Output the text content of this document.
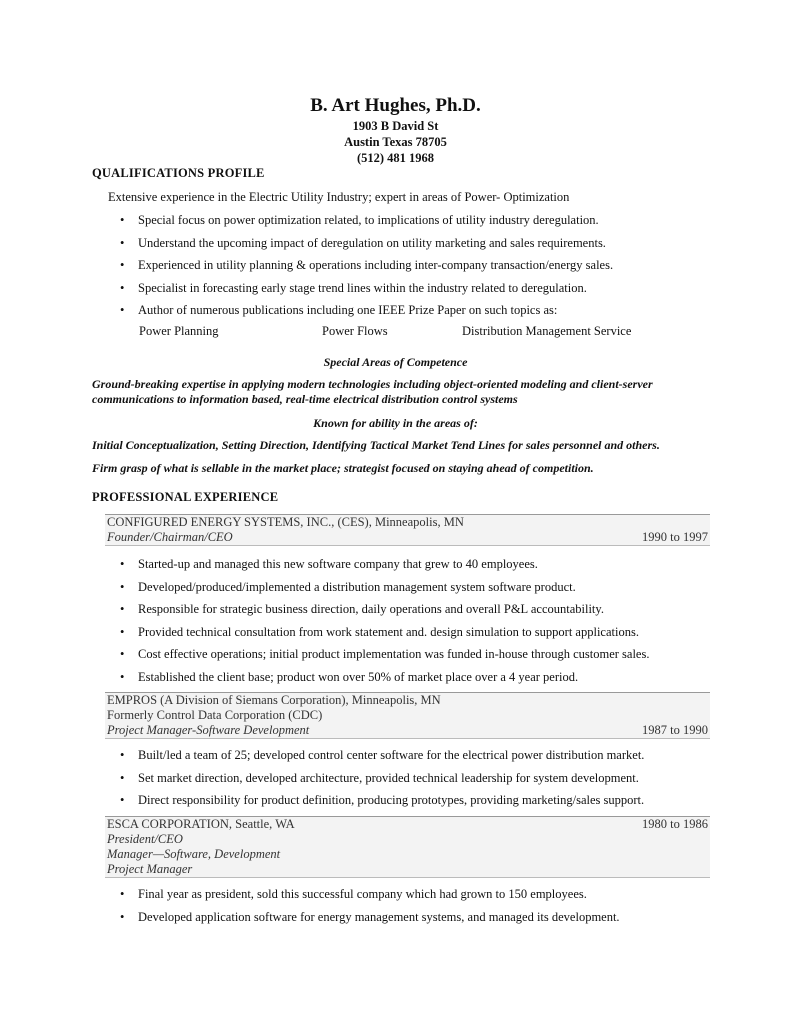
B. Art Hughes, Ph.D.
1903 B David St
Austin Texas 78705
(512) 481 1968
QUALIFICATIONS PROFILE
Extensive experience in the Electric Utility Industry; expert in areas of Power- Optimization
• Special focus on power optimization related, to implications of utility industry deregulation.
• Understand the upcoming impact of deregulation on utility marketing and sales requirements.
• Experienced in utility planning & operations including inter-company transaction/energy sales.
• Specialist in forecasting early stage trend lines within the industry related to deregulation.
• Author of numerous publications including one IEEE Prize Paper on such topics as:
Power Planning	Power Flows	Distribution Management Service
Special Areas of Competence
Ground-breaking expertise in applying modern technologies including object-oriented modeling and client-server communications to information based, real-time electrical distribution control systems
Known for ability in the areas of:
Initial Conceptualization, Setting Direction, Identifying Tactical Market Tend Lines for sales personnel and others.
Firm grasp of what is sellable in the market place; strategist focused on staying ahead of competition.
PROFESSIONAL EXPERIENCE
CONFIGURED ENERGY SYSTEMS, INC., (CES), Minneapolis, MN
Founder/Chairman/CEO	1990 to 1997
• Started-up and managed this new software company that grew to 40 employees.
• Developed/produced/implemented a distribution management system software product.
• Responsible for strategic business direction, daily operations and overall P&L accountability.
• Provided technical consultation from work statement and. design simulation to support applications.
• Cost effective operations; initial product implementation was funded in-house through customer sales.
• Established the client base; product won over 50% of market place over a 4 year period.
EMPROS (A Division of Siemans Corporation), Minneapolis, MN
Formerly Control Data Corporation (CDC)
Project Manager-Software Development	1987 to 1990
• Built/led a team of 25; developed control center software for the electrical power distribution market.
• Set market direction, developed architecture, provided technical leadership for system development.
• Direct responsibility for product definition, producing prototypes, providing marketing/sales support.
ESCA CORPORATION, Seattle, WA	1980 to 1986
President/CEO
Manager—Software, Development
Project Manager
• Final year as president, sold this successful company which had grown to 150 employees.
• Developed application software for energy management systems, and managed its development.
